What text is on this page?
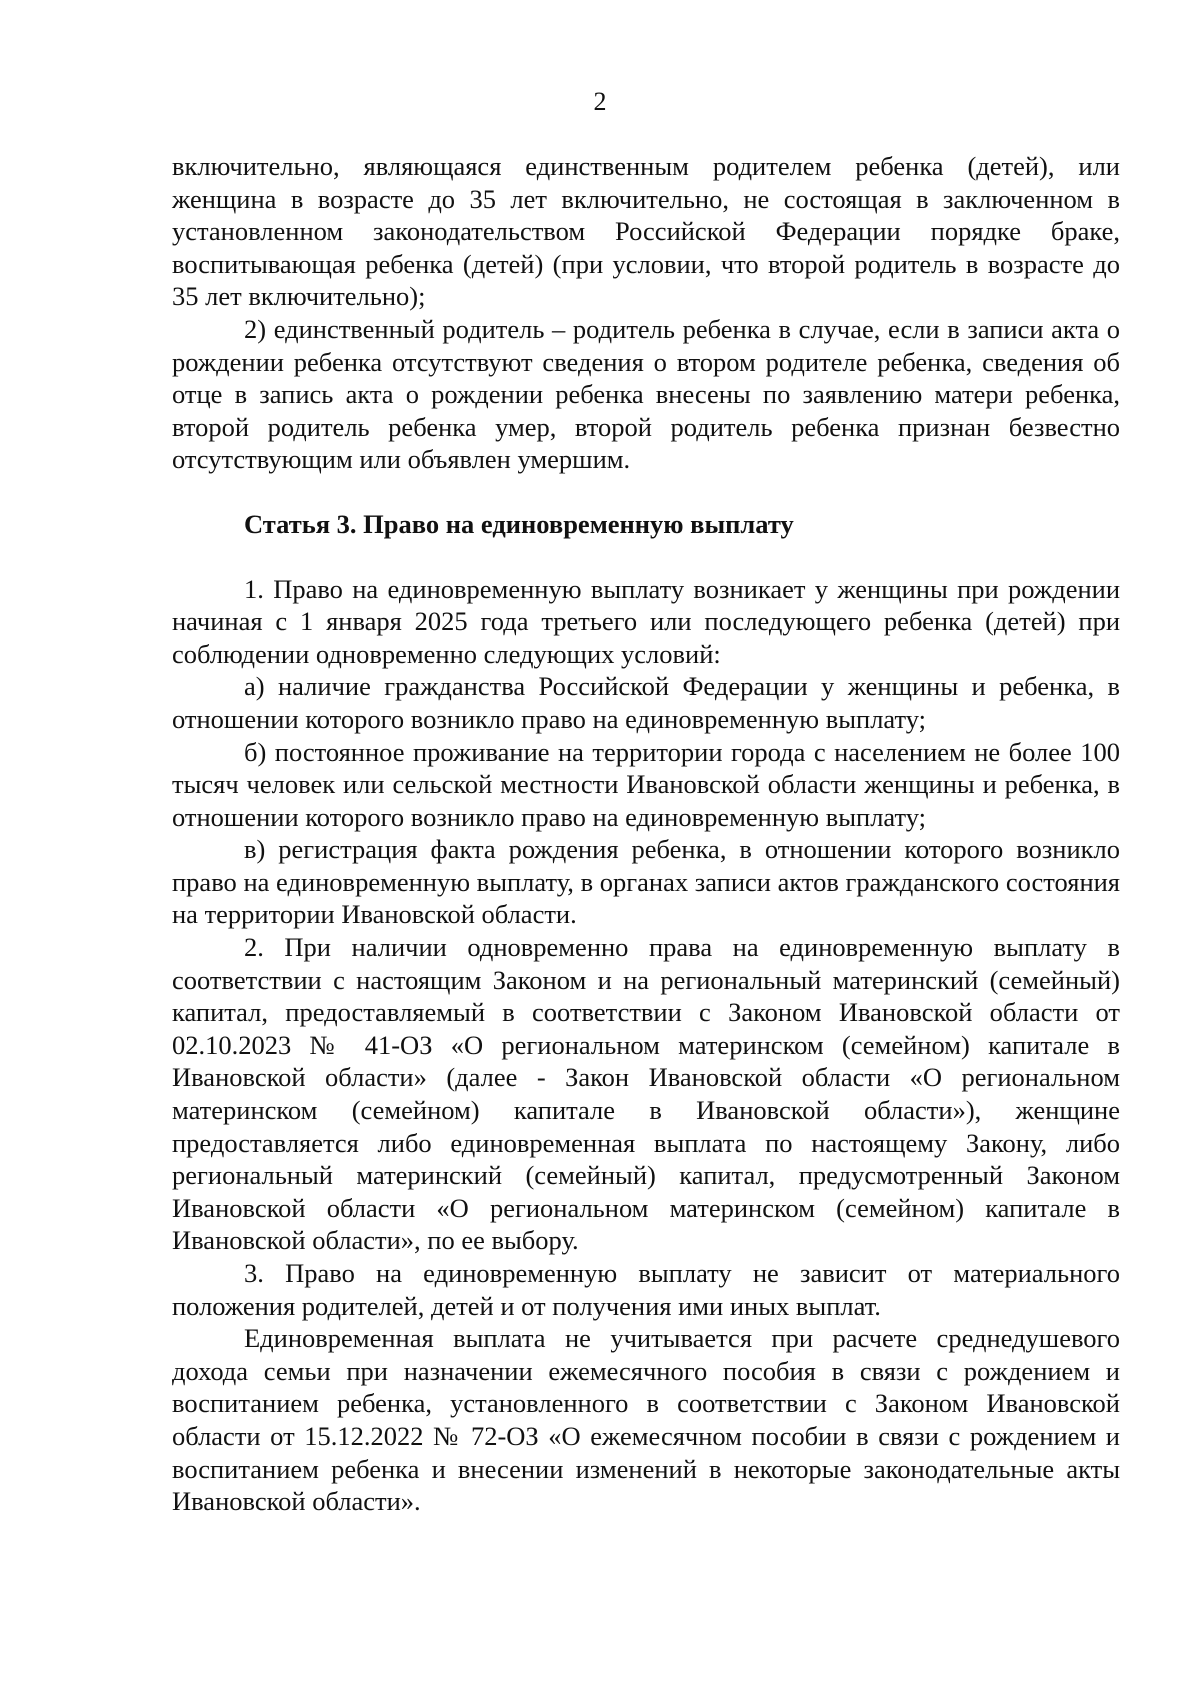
2

включительно, являющаяся единственным родителем ребенка (детей), или женщина в возрасте до 35 лет включительно, не состоящая в заключенном в установленном законодательством Российской Федерации порядке браке, воспитывающая ребенка (детей) (при условии, что второй родитель в возрасте до 35 лет включительно);

2) единственный родитель – родитель ребенка в случае, если в записи акта о рождении ребенка отсутствуют сведения о втором родителе ребенка, сведения об отце в запись акта о рождении ребенка внесены по заявлению матери ребенка, второй родитель ребенка умер, второй родитель ребенка признан безвестно отсутствующим или объявлен умершим.

Статья 3. Право на единовременную выплату

1. Право на единовременную выплату возникает у женщины при рождении начиная с 1 января 2025 года третьего или последующего ребенка (детей) при соблюдении одновременно следующих условий:

а) наличие гражданства Российской Федерации у женщины и ребенка, в отношении которого возникло право на единовременную выплату;

б) постоянное проживание на территории города с населением не более 100 тысяч человек или сельской местности Ивановской области женщины и ребенка, в отношении которого возникло право на единовременную выплату;

в) регистрация факта рождения ребенка, в отношении которого возникло право на единовременную выплату, в органах записи актов гражданского состояния на территории Ивановской области.

2. При наличии одновременно права на единовременную выплату в соответствии с настоящим Законом и на региональный материнский (семейный) капитал, предоставляемый в соответствии с Законом Ивановской области от 02.10.2023 № 41-ОЗ «О региональном материнском (семейном) капитале в Ивановской области» (далее - Закон Ивановской области «О региональном материнском (семейном) капитале в Ивановской области»), женщине предоставляется либо единовременная выплата по настоящему Закону, либо региональный материнский (семейный) капитал, предусмотренный Законом Ивановской области «О региональном материнском (семейном) капитале в Ивановской области», по ее выбору.

3. Право на единовременную выплату не зависит от материального положения родителей, детей и от получения ими иных выплат.

Единовременная выплата не учитывается при расчете среднедушевого дохода семьи при назначении ежемесячного пособия в связи с рождением и воспитанием ребенка, установленного в соответствии с Законом Ивановской области от 15.12.2022 № 72-ОЗ «О ежемесячном пособии в связи с рождением и воспитанием ребенка и внесении изменений в некоторые законодательные акты Ивановской области».
